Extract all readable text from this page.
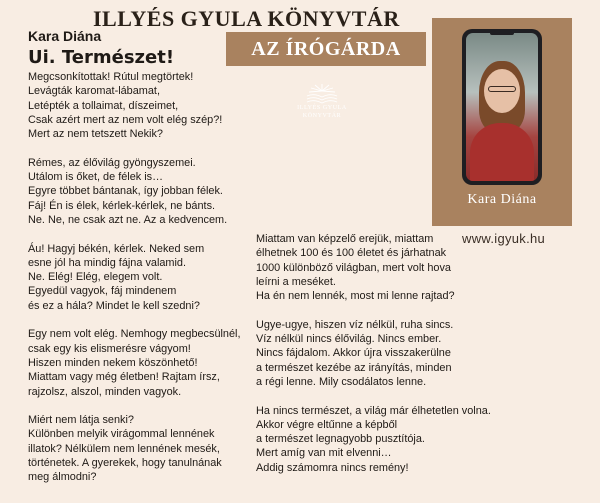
ILLYÉS GYULA KÖNYVTÁR
Kara Diána
Ui. Természet!	AZ ÍRÓGÁRDA
ILLYÉS GYULA
KÖNYVTÁR
Kara Diána
www.igyuk.hu
Megcsonkítottak! Rútul megtörtek!
Levágták karomat-lábamat,
Letépték a tollaimat, díszeimet,
Csak azért mert az nem volt elég szép?!
Mert az nem tetszett Nekik?
Rémes, az élővilág gyöngyszemei.
Utálom is őket, de félek is…
Egyre többet bántanak, így jobban félek.
Fáj! Én is élek, kérlek-kérlek, ne bánts.
Ne. Ne, ne csak azt ne. Az a kedvencem.
Áu! Hagyj békén, kérlek. Neked sem
esne jól ha mindig fájna valamid.
Ne. Elég! Elég, elegem volt.
Egyedül vagyok, fáj mindenem
és ez a hála? Mindet le kell szedni?
Egy nem volt elég. Nemhogy megbecsülnél,
csak egy kis elismerésre vágyom!
Hiszen minden nekem köszönhető!
Miattam vagy még életben! Rajtam írsz,
rajzolsz, alszol, minden vagyok.
Miért nem látja senki?
Különben melyik virágommal lennének
illatok? Nélkülem nem lennének mesék,
történetek. A gyerekek, hogy tanulnának
meg álmodni?
Miattam van képzelő erejük, miattam
élhetnek 100 és 100 életet és járhatnak
1000 különböző világban, mert volt hova
leírni a meséket.
Ha én nem lennék, most mi lenne rajtad?
Ugye-ugye, hiszen víz nélkül, ruha sincs.
Víz nélkül nincs élővilág. Nincs ember.
Nincs fájdalom. Akkor újra visszakerülne
a természet kezébe az irányítás, minden
a régi lenne. Mily csodálatos lenne.
Ha nincs természet, a világ már élhetetlen volna.
Akkor végre eltűnne a képből
a természet legnagyobb pusztítója.
Mert amíg van mit elvenni…
Addig számomra nincs remény!
